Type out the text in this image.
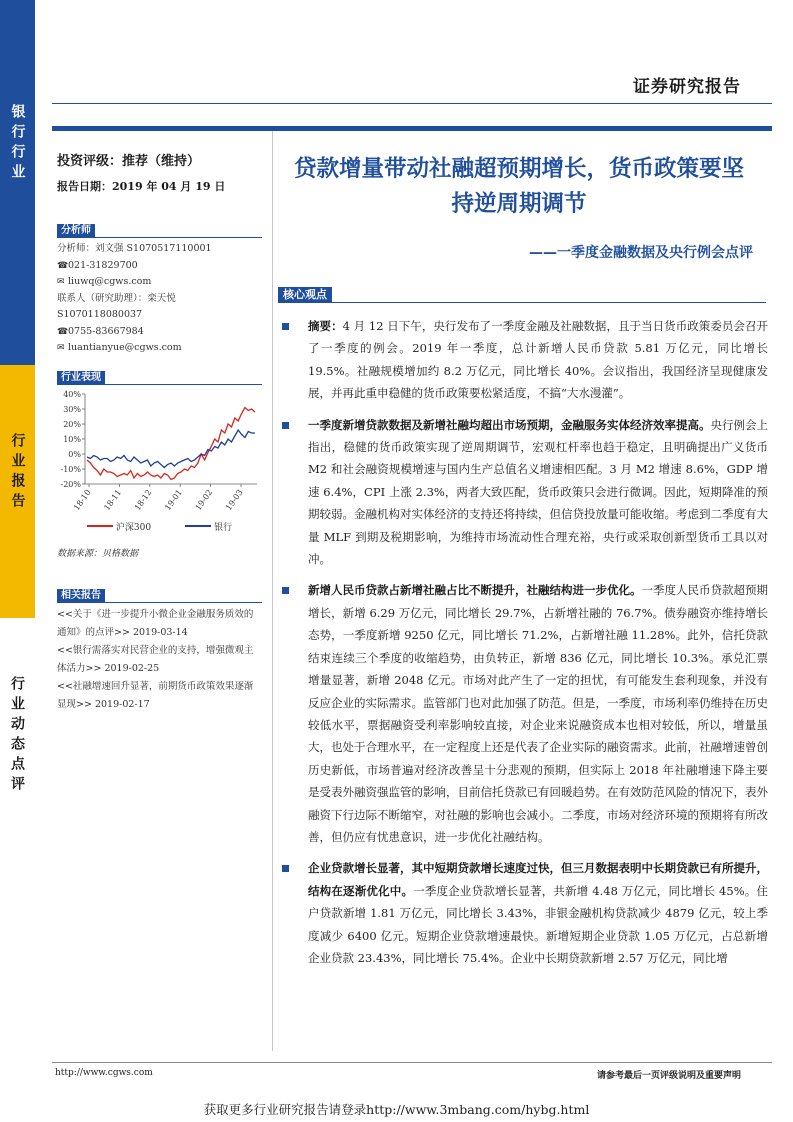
银行行业
行业报告
行业动态点评
证券研究报告
投资评级：推荐（维持）
报告日期：2019 年 04 月 19 日
分析师
分析师：刘文强 S1070517110001
☎021-31829700
✉ liuwq@cgws.com
联系人（研究助理）：栾天悦
S1070118080037
☎0755-83667984
✉ luantianyue@cgws.com
行业表现
40%
30%
20%
10%
0%
-10%
-20%
18-10 18-11 18-12 19-01 19-02 19-03
沪深300	银行
数据来源：贝格数据
相关报告
<<关于《进一步提升小微企业金融服务质效的通知》的点评>> 2019-03-14
<<银行需落实对民营企业的支持，增强微观主体活力>> 2019-02-25
<<社融增速回升显著，前期货币政策效果逐渐显现>> 2019-02-17
贷款增量带动社融超预期增长，货币政策要坚持逆周期调节
——一季度金融数据及央行例会点评
核心观点
摘要：4 月 12 日下午，央行发布了一季度金融及社融数据，且于当日货币政策委员会召开了一季度的例会。2019 年一季度，总计新增人民币贷款 5.81 万亿元，同比增长 19.5%。社融规模增加约 8.2 万亿元，同比增长 40%。会议指出，我国经济呈现健康发展，并再此重申稳健的货币政策要松紧适度，不搞“大水漫灌”。
一季度新增贷款数据及新增社融均超出市场预期，金融服务实体经济效率提高。央行例会上指出，稳健的货币政策实现了逆周期调节，宏观杠杆率也趋于稳定，且明确提出广义货币 M2 和社会融资规模增速与国内生产总值名义增速相匹配。3 月 M2 增速 8.6%，GDP 增速 6.4%，CPI 上涨 2.3%，两者大致匹配，货币政策只会进行微调。因此，短期降准的预期较弱。金融机构对实体经济的支持还将持续，但信贷投放量可能收缩。考虑到二季度有大量 MLF 到期及税期影响，为维持市场流动性合理充裕，央行或采取创新型货币工具以对冲。
新增人民币贷款占新增社融占比不断提升，社融结构进一步优化。一季度人民币贷款超预期增长，新增 6.29 万亿元，同比增长 29.7%，占新增社融的 76.7%。债券融资亦维持增长态势，一季度新增 9250 亿元，同比增长 71.2%，占新增社融 11.28%。此外，信托贷款结束连续三个季度的收缩趋势，由负转正，新增 836 亿元，同比增长 10.3%。承兑汇票增量显著，新增 2048 亿元。市场对此产生了一定的担忧，有可能发生套利现象，并没有反应企业的实际需求。监管部门也对此加强了防范。但是，一季度，市场利率仍维持在历史较低水平，票据融资受利率影响较直接，对企业来说融资成本也相对较低，所以，增量虽大，也处于合理水平，在一定程度上还是代表了企业实际的融资需求。此前，社融增速曾创历史新低，市场普遍对经济改善呈十分悲观的预期，但实际上 2018 年社融增速下降主要是受表外融资强监管的影响，目前信托贷款已有回暖趋势。在有效防范风险的情况下，表外融资下行边际不断缩窄，对社融的影响也会减小。二季度，市场对经济环境的预期将有所改善，但仍应有忧患意识，进一步优化社融结构。
企业贷款增长显著，其中短期贷款增长速度过快，但三月数据表明中长期贷款已有所提升，结构在逐渐优化中。一季度企业贷款增长显著，共新增 4.48 万亿元，同比增长 45%。住户贷款新增 1.81 万亿元，同比增长 3.43%，非银金融机构贷款减少 4879 亿元，较上季度减少 6400 亿元。短期企业贷款增速最快。新增短期企业贷款 1.05 万亿元，占总新增企业贷款 23.43%，同比增长 75.4%。企业中长期贷款新增 2.57 万亿元，同比增
http://www.cgws.com	请参考最后一页评级说明及重要声明
获取更多行业研究报告请登录http://www.3mbang.com/hybg.html
